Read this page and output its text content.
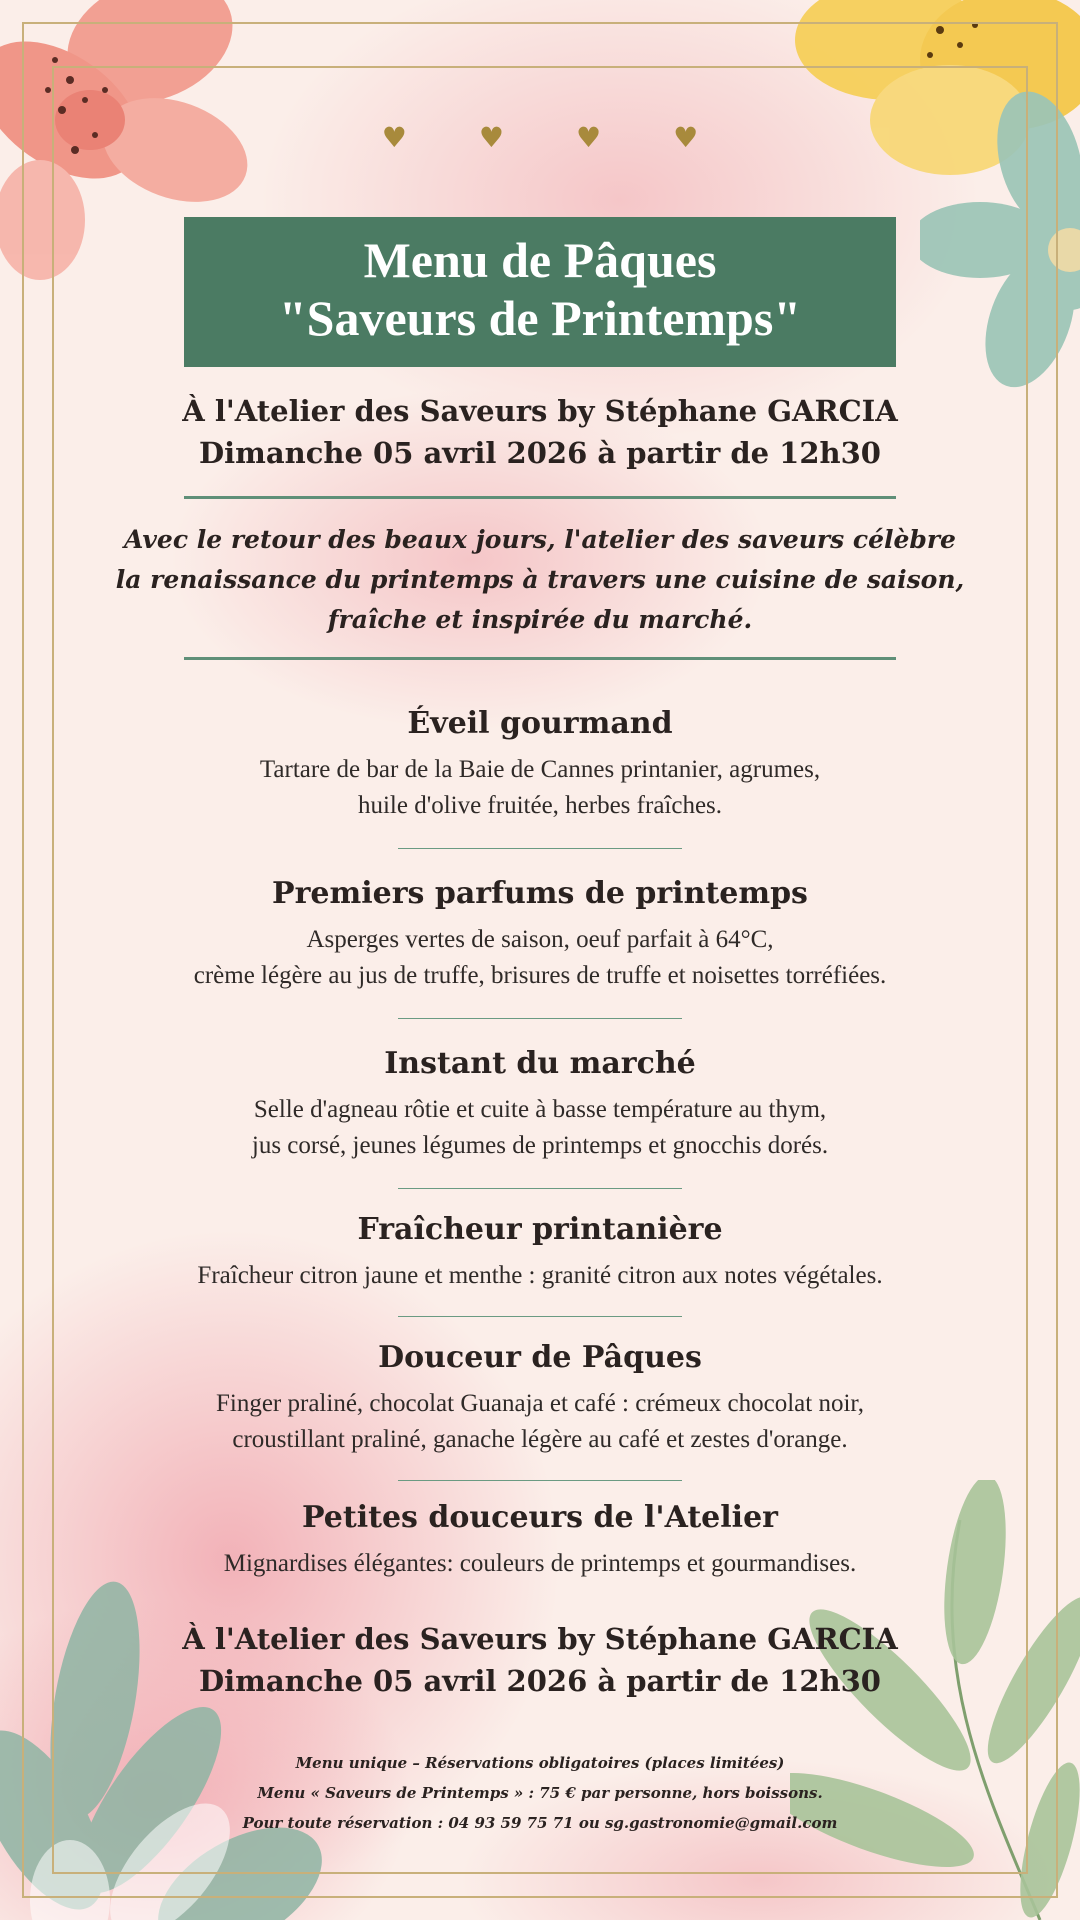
♥	♥	♥	♥
Menu de Pâques
"Saveurs de Printemps"
À l'Atelier des Saveurs by Stéphane GARCIA
Dimanche 05 avril 2026 à partir de 12h30
Avec le retour des beaux jours, l'atelier des saveurs célèbre
la renaissance du printemps à travers une cuisine de saison,
fraîche et inspirée du marché.
Éveil gourmand
Tartare de bar de la Baie de Cannes printanier, agrumes,
huile d'olive fruitée, herbes fraîches.
Premiers parfums de printemps
Asperges vertes de saison, oeuf parfait à 64°C,
crème légère au jus de truffe, brisures de truffe et noisettes torréfiées.
Instant du marché
Selle d'agneau rôtie et cuite à basse température au thym,
jus corsé, jeunes légumes de printemps et gnocchis dorés.
Fraîcheur printanière
Fraîcheur citron jaune et menthe : granité citron aux notes végétales.
Douceur de Pâques
Finger praliné, chocolat Guanaja et café : crémeux chocolat noir,
croustillant praliné, ganache légère au café et zestes d'orange.
Petites douceurs de l'Atelier
Mignardises élégantes: couleurs de printemps et gourmandises.
À l'Atelier des Saveurs by Stéphane GARCIA
Dimanche 05 avril 2026 à partir de 12h30
Menu unique – Réservations obligatoires (places limitées)
Menu « Saveurs de Printemps » : 75 € par personne, hors boissons.
Pour toute réservation : 04 93 59 75 71 ou sg.gastronomie@gmail.com
